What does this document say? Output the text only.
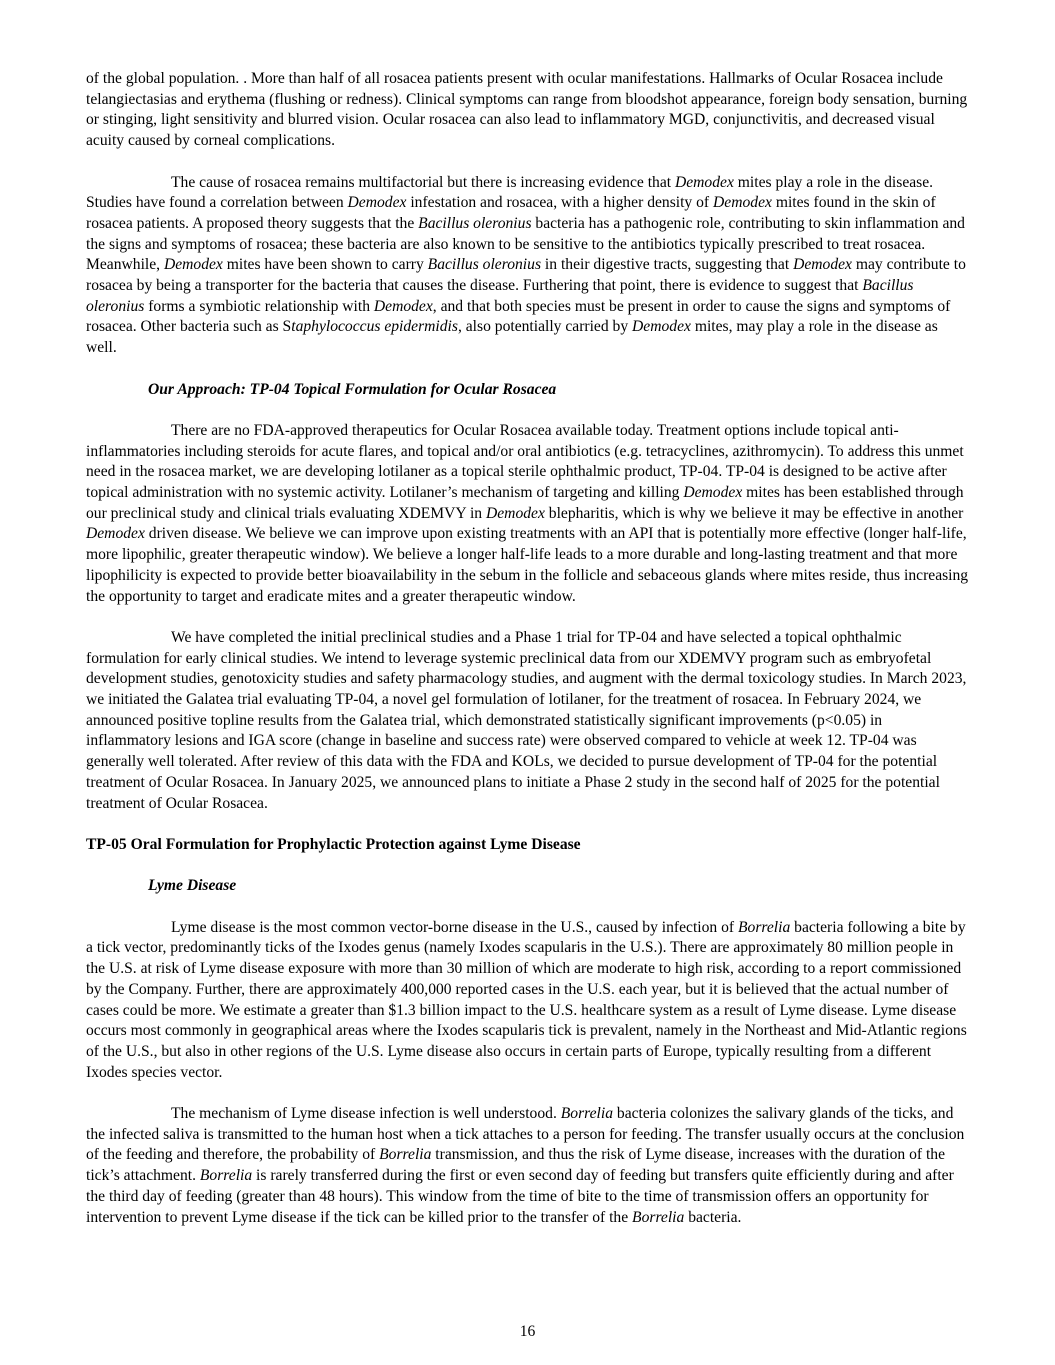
of the global population. . More than half of all rosacea patients present with ocular manifestations. Hallmarks of Ocular Rosacea include telangiectasias and erythema (flushing or redness). Clinical symptoms can range from bloodshot appearance, foreign body sensation, burning or stinging, light sensitivity and blurred vision. Ocular rosacea can also lead to inflammatory MGD, conjunctivitis, and decreased visual acuity caused by corneal complications.

The cause of rosacea remains multifactorial but there is increasing evidence that Demodex mites play a role in the disease. Studies have found a correlation between Demodex infestation and rosacea, with a higher density of Demodex mites found in the skin of rosacea patients. A proposed theory suggests that the Bacillus oleronius bacteria has a pathogenic role, contributing to skin inflammation and the signs and symptoms of rosacea; these bacteria are also known to be sensitive to the antibiotics typically prescribed to treat rosacea. Meanwhile, Demodex mites have been shown to carry Bacillus oleronius in their digestive tracts, suggesting that Demodex may contribute to rosacea by being a transporter for the bacteria that causes the disease. Furthering that point, there is evidence to suggest that Bacillus oleronius forms a symbiotic relationship with Demodex, and that both species must be present in order to cause the signs and symptoms of rosacea. Other bacteria such as Staphylococcus epidermidis, also potentially carried by Demodex mites, may play a role in the disease as well.

Our Approach: TP-04 Topical Formulation for Ocular Rosacea

There are no FDA-approved therapeutics for Ocular Rosacea available today. Treatment options include topical anti-inflammatories including steroids for acute flares, and topical and/or oral antibiotics (e.g. tetracyclines, azithromycin). To address this unmet need in the rosacea market, we are developing lotilaner as a topical sterile ophthalmic product, TP-04. TP-04 is designed to be active after topical administration with no systemic activity. Lotilaner’s mechanism of targeting and killing Demodex mites has been established through our preclinical study and clinical trials evaluating XDEMVY in Demodex blepharitis, which is why we believe it may be effective in another Demodex driven disease. We believe we can improve upon existing treatments with an API that is potentially more effective (longer half-life, more lipophilic, greater therapeutic window). We believe a longer half-life leads to a more durable and long-lasting treatment and that more lipophilicity is expected to provide better bioavailability in the sebum in the follicle and sebaceous glands where mites reside, thus increasing the opportunity to target and eradicate mites and a greater therapeutic window.

We have completed the initial preclinical studies and a Phase 1 trial for TP-04 and have selected a topical ophthalmic formulation for early clinical studies. We intend to leverage systemic preclinical data from our XDEMVY program such as embryofetal development studies, genotoxicity studies and safety pharmacology studies, and augment with the dermal toxicology studies. In March 2023, we initiated the Galatea trial evaluating TP-04, a novel gel formulation of lotilaner, for the treatment of rosacea. In February 2024, we announced positive topline results from the Galatea trial, which demonstrated statistically significant improvements (p<0.05) in inflammatory lesions and IGA score (change in baseline and success rate) were observed compared to vehicle at week 12. TP-04 was generally well tolerated. After review of this data with the FDA and KOLs, we decided to pursue development of TP-04 for the potential treatment of Ocular Rosacea. In January 2025, we announced plans to initiate a Phase 2 study in the second half of 2025 for the potential treatment of Ocular Rosacea.

TP-05 Oral Formulation for Prophylactic Protection against Lyme Disease

Lyme Disease

Lyme disease is the most common vector-borne disease in the U.S., caused by infection of Borrelia bacteria following a bite by a tick vector, predominantly ticks of the Ixodes genus (namely Ixodes scapularis in the U.S.). There are approximately 80 million people in the U.S. at risk of Lyme disease exposure with more than 30 million of which are moderate to high risk, according to a report commissioned by the Company. Further, there are approximately 400,000 reported cases in the U.S. each year, but it is believed that the actual number of cases could be more. We estimate a greater than $1.3 billion impact to the U.S. healthcare system as a result of Lyme disease. Lyme disease occurs most commonly in geographical areas where the Ixodes scapularis tick is prevalent, namely in the Northeast and Mid-Atlantic regions of the U.S., but also in other regions of the U.S. Lyme disease also occurs in certain parts of Europe, typically resulting from a different Ixodes species vector.

The mechanism of Lyme disease infection is well understood. Borrelia bacteria colonizes the salivary glands of the ticks, and the infected saliva is transmitted to the human host when a tick attaches to a person for feeding. The transfer usually occurs at the conclusion of the feeding and therefore, the probability of Borrelia transmission, and thus the risk of Lyme disease, increases with the duration of the tick’s attachment. Borrelia is rarely transferred during the first or even second day of feeding but transfers quite efficiently during and after the third day of feeding (greater than 48 hours). This window from the time of bite to the time of transmission offers an opportunity for intervention to prevent Lyme disease if the tick can be killed prior to the transfer of the Borrelia bacteria.

16
